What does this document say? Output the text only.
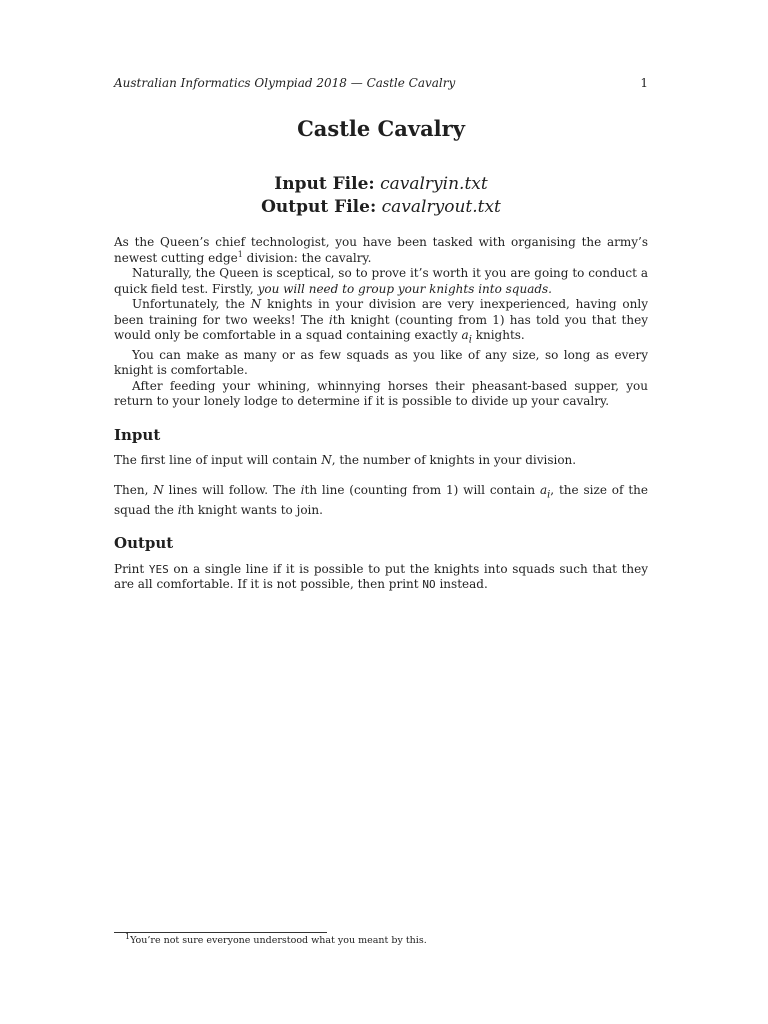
Australian Informatics Olympiad 2018 — Castle Cavalry	1
Castle Cavalry
Input File: cavalryin.txt
Output File: cavalryout.txt

As the Queen’s chief technologist, you have been tasked with organising the army’s newest cutting edge$^1$ division: the cavalry.

Naturally, the Queen is sceptical, so to prove it’s worth it you are going to conduct a quick field test. Firstly, you will need to group your knights into squads.

Unfortunately, the N knights in your division are very inexperienced, having only been training for two weeks! The ith knight (counting from 1) has told you that they would only be comfortable in a squad containing exactly $a_i$ knights.

You can make as many or as few squads as you like of any size, so long as every knight is comfortable.

After feeding your whining, whinnying horses their pheasant-based supper, you return to your lonely lodge to determine if it is possible to divide up your cavalry.

Input

The first line of input will contain N, the number of knights in your division.

Then, N lines will follow. The ith line (counting from 1) will contain $a_i$, the size of the squad the ith knight wants to join.

Output

Print YES on a single line if it is possible to put the knights into squads such that they are all comfortable. If it is not possible, then print NO instead.

$^1$You’re not sure everyone understood what you meant by this.
